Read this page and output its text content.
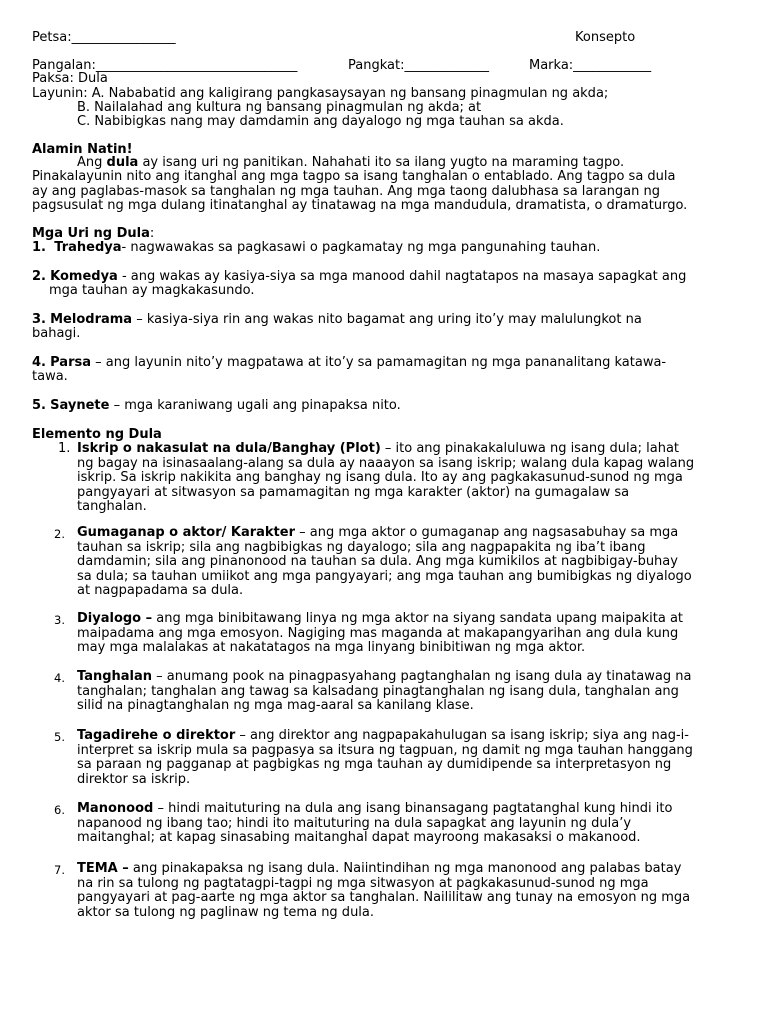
Petsa:________________	Konsepto
Pangalan:_______________________________	Pangkat:_____________	Marka:____________
Paksa: Dula
Layunin: A. Nababatid ang kaligirang pangkasaysayan ng bansang pinagmulan ng akda;
B. Nailalahad ang kultura ng bansang pinagmulan ng akda; at
C. Nabibigkas nang may damdamin ang dayalogo ng mga tauhan sa akda.
Alamin Natin!
Ang dula ay isang uri ng panitikan. Nahahati ito sa ilang yugto na maraming tagpo.
Pinakalayunin nito ang itanghal ang mga tagpo sa isang tanghalan o entablado. Ang tagpo sa dula
ay ang paglabas-masok sa tanghalan ng mga tauhan. Ang mga taong dalubhasa sa larangan ng
pagsusulat ng mga dulang itinatanghal ay tinatawag na mga mandudula, dramatista, o dramaturgo.
Mga Uri ng Dula:
1. Trahedya- nagwawakas sa pagkasawi o pagkamatay ng mga pangunahing tauhan.
2. Komedya - ang wakas ay kasiya-siya sa mga manood dahil nagtatapos na masaya sapagkat ang
mga tauhan ay magkakasundo.
3. Melodrama – kasiya-siya rin ang wakas nito bagamat ang uring ito’y may malulungkot na
bahagi.
4. Parsa – ang layunin nito’y magpatawa at ito’y sa pamamagitan ng mga pananalitang katawa-
tawa.
5. Saynete – mga karaniwang ugali ang pinapaksa nito.
Elemento ng Dula
1. Iskrip o nakasulat na dula/Banghay (Plot) – ito ang pinakakaluluwa ng isang dula; lahat
ng bagay na isinasaalang-alang sa dula ay naaayon sa isang iskrip; walang dula kapag walang
iskrip. Sa iskrip nakikita ang banghay ng isang dula. Ito ay ang pagkakasunud-sunod ng mga
pangyayari at sitwasyon sa pamamagitan ng mga karakter (aktor) na gumagalaw sa
tanghalan.
2. Gumaganap o aktor/ Karakter – ang mga aktor o gumaganap ang nagsasabuhay sa mga
tauhan sa iskrip; sila ang nagbibigkas ng dayalogo; sila ang nagpapakita ng iba’t ibang
damdamin; sila ang pinanonood na tauhan sa dula. Ang mga kumikilos at nagbibigay-buhay
sa dula; sa tauhan umiikot ang mga pangyayari; ang mga tauhan ang bumibigkas ng diyalogo
at nagpapadama sa dula.
3. Diyalogo – ang mga binibitawang linya ng mga aktor na siyang sandata upang maipakita at
maipadama ang mga emosyon. Nagiging mas maganda at makapangyarihan ang dula kung
may mga malalakas at nakatatagos na mga linyang binibitiwan ng mga aktor.
4. Tanghalan – anumang pook na pinagpasyahang pagtanghalan ng isang dula ay tinatawag na
tanghalan; tanghalan ang tawag sa kalsadang pinagtanghalan ng isang dula, tanghalan ang
silid na pinagtanghalan ng mga mag-aaral sa kanilang klase.
5. Tagadirehe o direktor – ang direktor ang nagpapakahulugan sa isang iskrip; siya ang nag-i-
interpret sa iskrip mula sa pagpasya sa itsura ng tagpuan, ng damit ng mga tauhan hanggang
sa paraan ng pagganap at pagbigkas ng mga tauhan ay dumidipende sa interpretasyon ng
direktor sa iskrip.
6. Manonood – hindi maituturing na dula ang isang binansagang pagtatanghal kung hindi ito
napanood ng ibang tao; hindi ito maituturing na dula sapagkat ang layunin ng dula’y
maitanghal; at kapag sinasabing maitanghal dapat mayroong makasaksi o makanood.
7. TEMA – ang pinakapaksa ng isang dula. Naiintindihan ng mga manonood ang palabas batay
na rin sa tulong ng pagtatagpi-tagpi ng mga sitwasyon at pagkakasunud-sunod ng mga
pangyayari at pag-aarte ng mga aktor sa tanghalan. Naililitaw ang tunay na emosyon ng mga
aktor sa tulong ng paglinaw ng tema ng dula.
